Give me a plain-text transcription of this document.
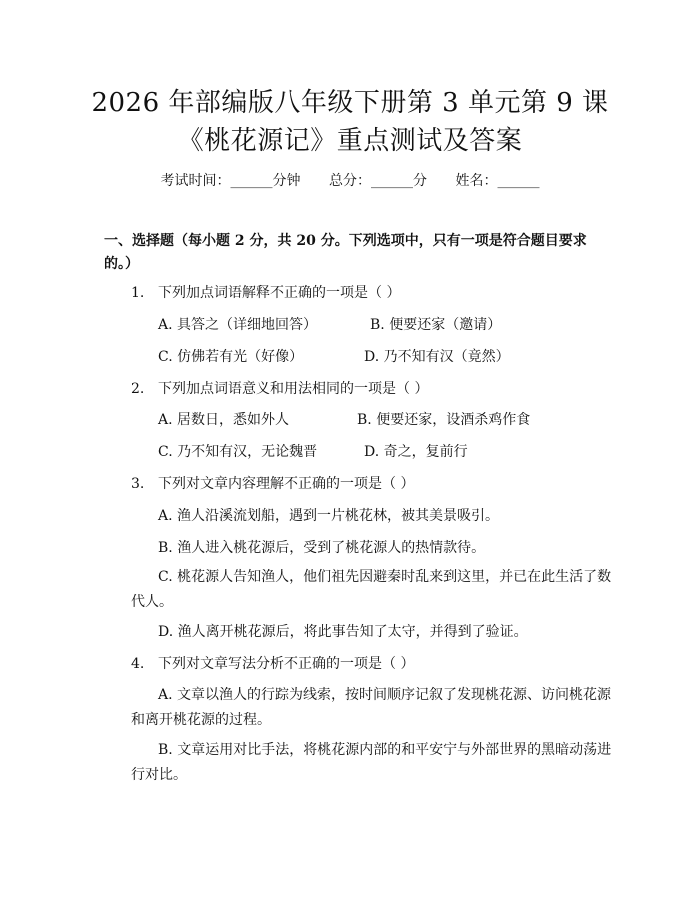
2026 年部编版八年级下册第 3 单元第 9 课
《桃花源记》重点测试及答案
考试时间：______分钟 总分：______分 姓名：______
一、选择题（每小题 2 分，共 20 分。下列选项中，只有一项是符合题目要求的。）
1. 下列加点词语解释不正确的一项是（ ）
A. 具答之（详细地回答）	B. 便要还家（邀请）
C. 仿佛若有光（好像）	D. 乃不知有汉（竟然）
2. 下列加点词语意义和用法相同的一项是（ ）
A. 居数日，悉如外人	B. 便要还家，设酒杀鸡作食
C. 乃不知有汉，无论魏晋	D. 奇之，复前行
3. 下列对文章内容理解不正确的一项是（ ）
A. 渔人沿溪流划船，遇到一片桃花林，被其美景吸引。
B. 渔人进入桃花源后，受到了桃花源人的热情款待。
C. 桃花源人告知渔人，他们祖先因避秦时乱来到这里，并已在此生活了数代人。
D. 渔人离开桃花源后，将此事告知了太守，并得到了验证。
4. 下列对文章写法分析不正确的一项是（ ）
A. 文章以渔人的行踪为线索，按时间顺序记叙了发现桃花源、访问桃花源和离开桃花源的过程。
B. 文章运用对比手法，将桃花源内部的和平安宁与外部世界的黑暗动荡进行对比。
